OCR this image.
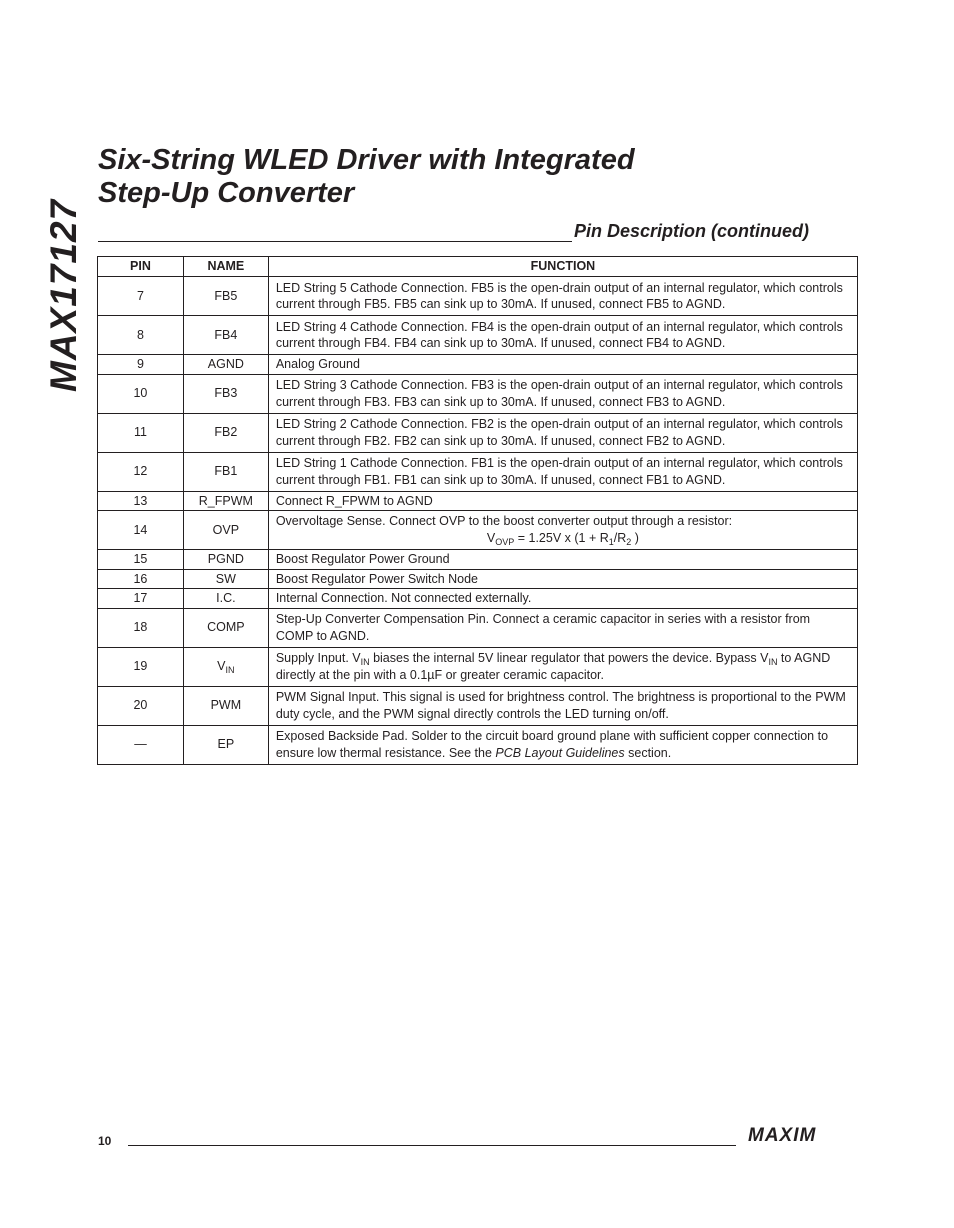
MAX17127
Six-String WLED Driver with Integrated
Step-Up Converter
Pin Description (continued)
PIN	NAME	FUNCTION
7	FB5	LED String 5 Cathode Connection. FB5 is the open-drain output of an internal regulator, which controls current through FB5. FB5 can sink up to 30mA. If unused, connect FB5 to AGND.
8	FB4	LED String 4 Cathode Connection. FB4 is the open-drain output of an internal regulator, which controls current through FB4. FB4 can sink up to 30mA. If unused, connect FB4 to AGND.
9	AGND	Analog Ground
10	FB3	LED String 3 Cathode Connection. FB3 is the open-drain output of an internal regulator, which controls current through FB3. FB3 can sink up to 30mA. If unused, connect FB3 to AGND.
11	FB2	LED String 2 Cathode Connection. FB2 is the open-drain output of an internal regulator, which controls current through FB2. FB2 can sink up to 30mA. If unused, connect FB2 to AGND.
12	FB1	LED String 1 Cathode Connection. FB1 is the open-drain output of an internal regulator, which controls current through FB1. FB1 can sink up to 30mA. If unused, connect FB1 to AGND.
13	R_FPWM	Connect R_FPWM to AGND
14	OVP	Overvoltage Sense. Connect OVP to the boost converter output through a resistor:
$V_{OVP} = 1.25V$ x ($1 + R_1/R_2$ )

15	PGND	Boost Regulator Power Ground
16	SW	Boost Regulator Power Switch Node
17	I.C.	Internal Connection. Not connected externally.
18	COMP	Step-Up Converter Compensation Pin. Connect a ceramic capacitor in series with a resistor from COMP to AGND.
19	$V_{IN}$	Supply Input. $V_{IN}$ biases the internal 5V linear regulator that powers the device. Bypass $V_{IN}$ to AGND directly at the pin with a 0.1µF or greater ceramic capacitor.
20	PWM	PWM Signal Input. This signal is used for brightness control. The brightness is proportional to the PWM duty cycle, and the PWM signal directly controls the LED turning on/off.
—	EP	Exposed Backside Pad. Solder to the circuit board ground plane with sufficient copper connection to ensure low thermal resistance. See the PCB Layout Guidelines section.
10	MAXIM
